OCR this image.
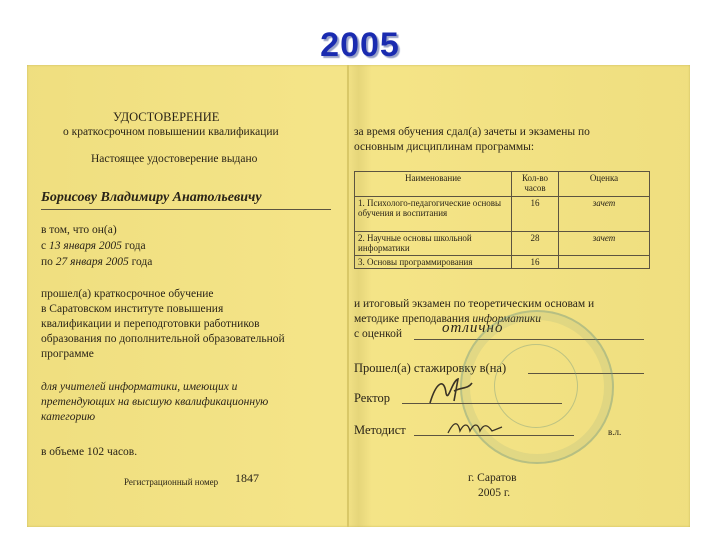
2005
УДОСТОВЕРЕНИЕ
о краткосрочном повышении квалификации
Настоящее удостоверение выдано
Борисову Владимиру Анатольевичу
в том, что он(а)
с 13 января 2005 года
по 27 января 2005 года
прошел(а) краткосрочное обучение
в Саратовском институте повышения
квалификации и переподготовки работников
образования по дополнительной образовательной
программе
для учителей информатики, имеющих и
претендующих на высшую квалификационную
категорию
в объеме 102 часов.
Регистрационный номер 1847
за время обучения сдал(а) зачеты и экзамены по
основным дисциплинам программы:
Наименование	Кол-во часов	Оценка
1. Психолого-педагогические основы обучения и воспитания	16	зачет
2. Научные основы школьной информатики	28	зачет
3. Основы программирования	16	
и итоговый экзамен по теоретическим основам и
методике преподавания информатики
с оценкой	отлично
Прошел(а) стажировку в(на)
Ректор
Методист	в.л.
г. Саратов
2005 г.
